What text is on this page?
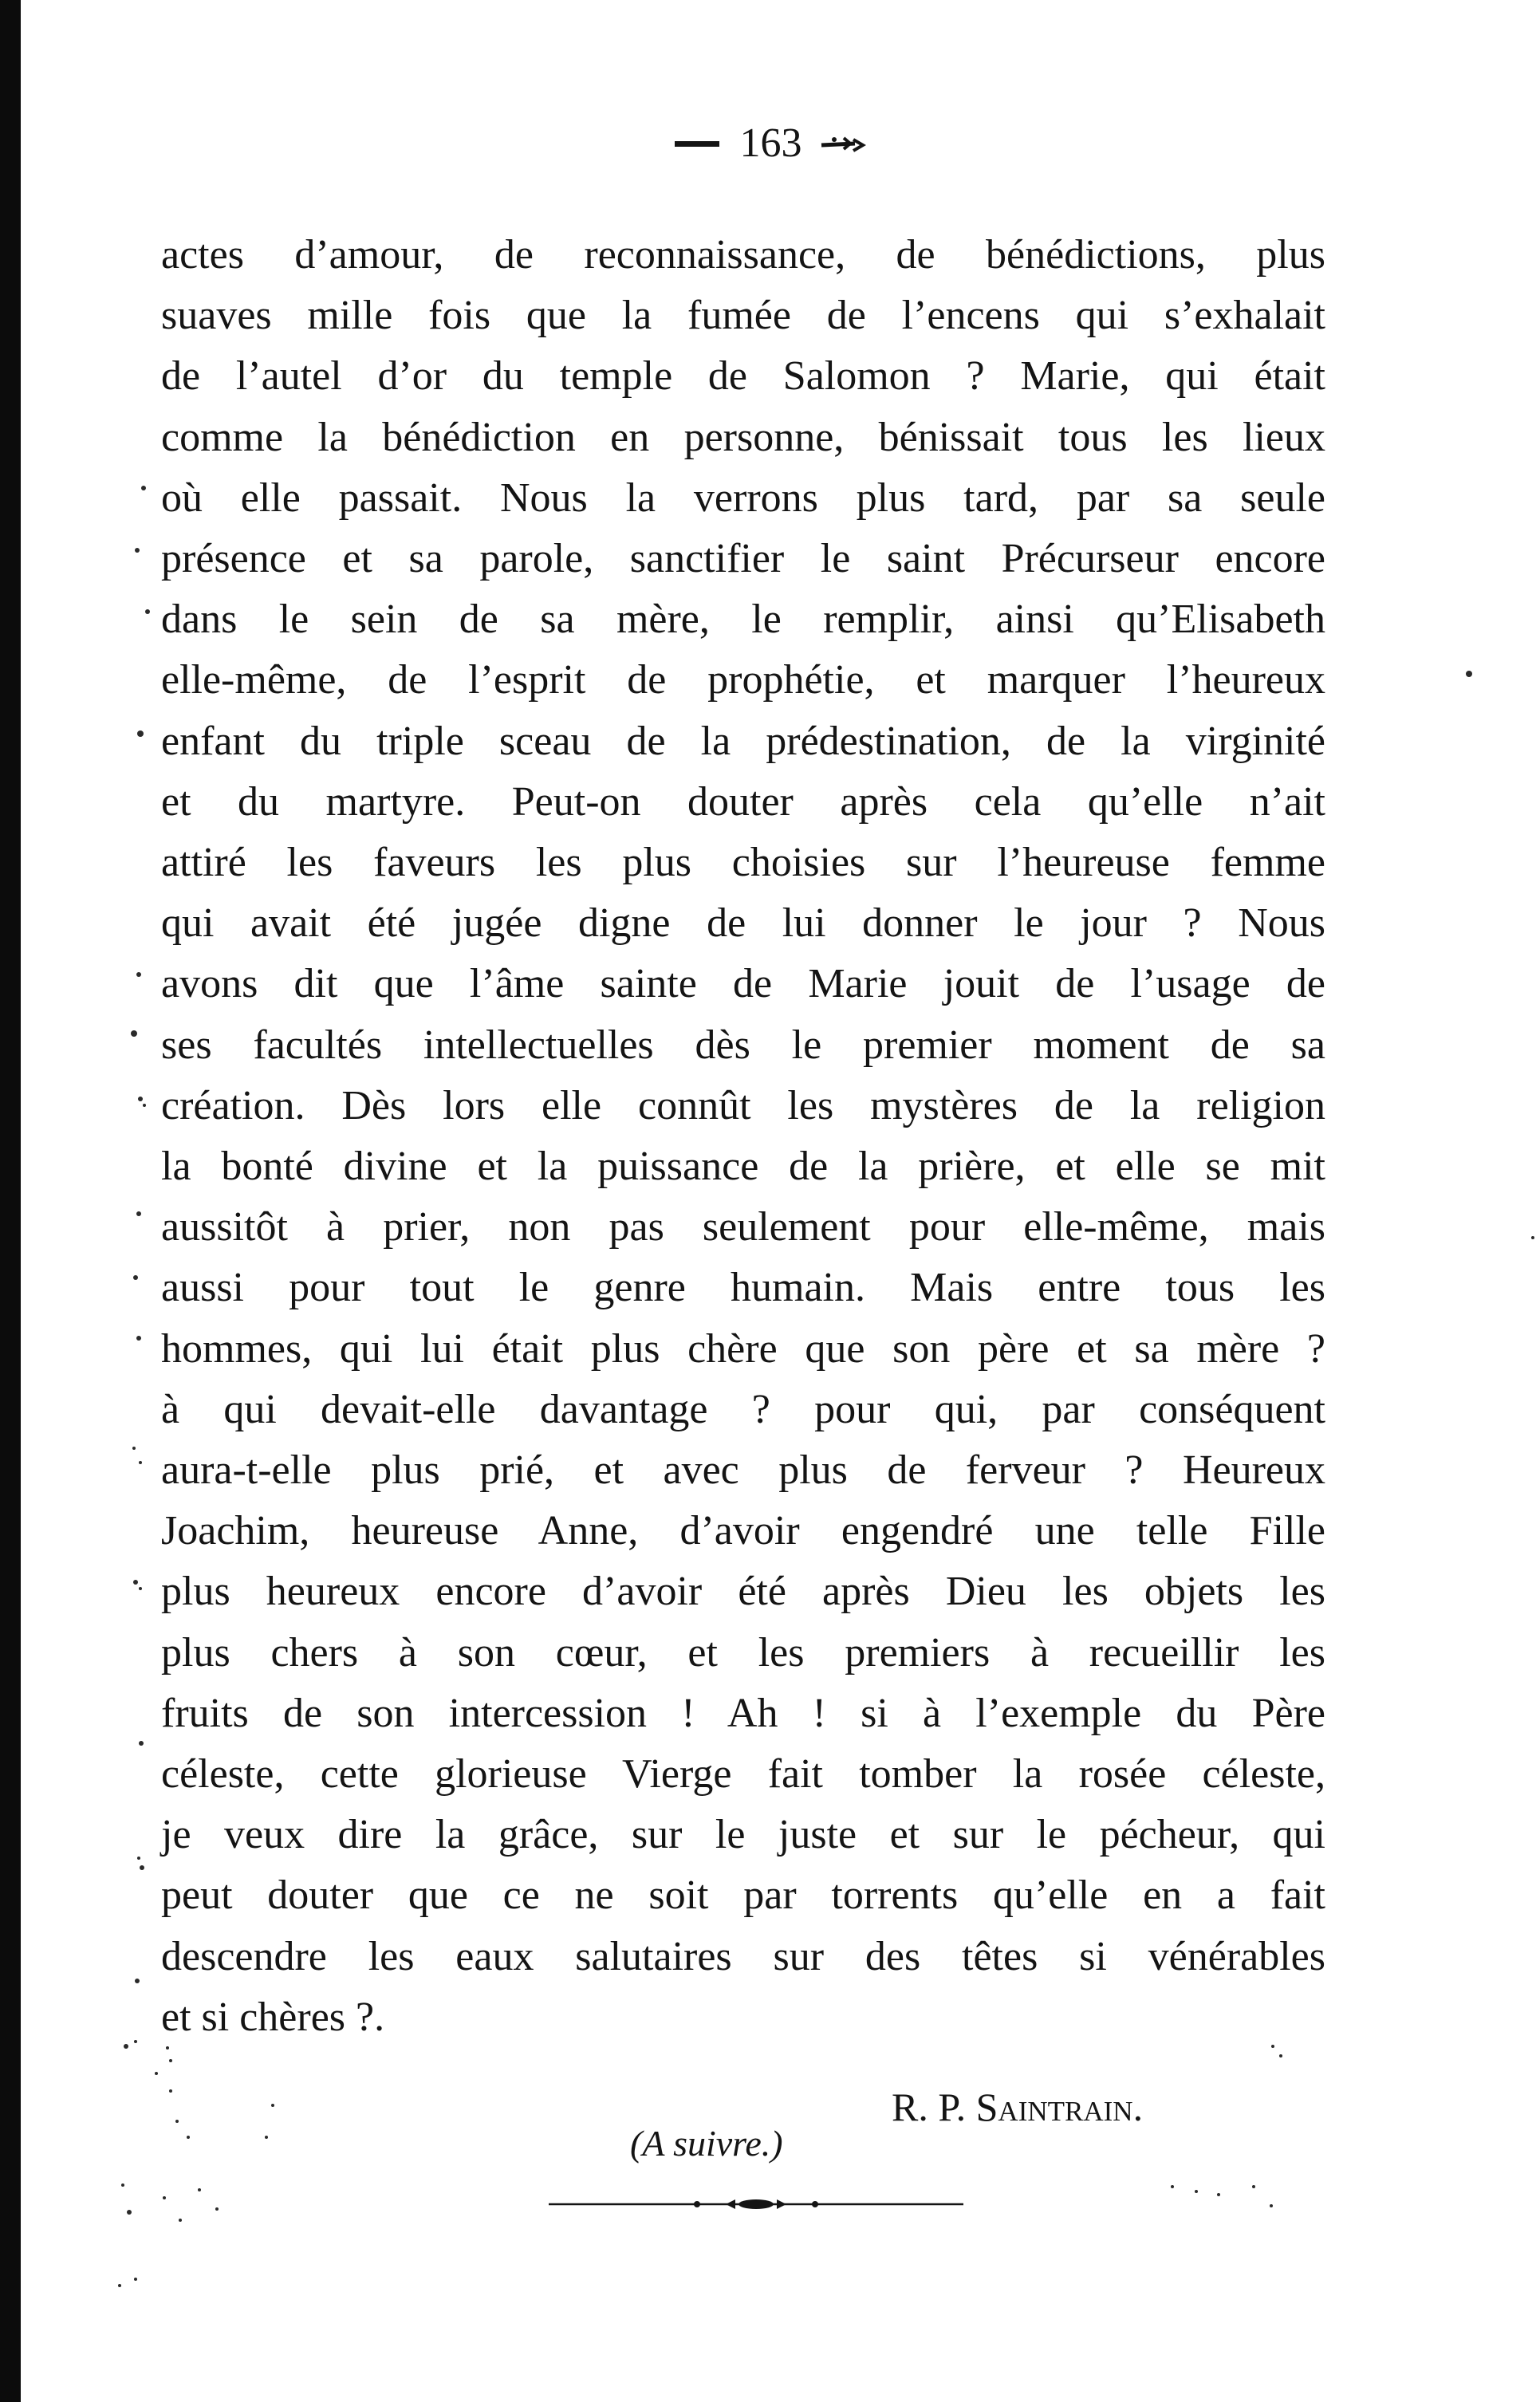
163
actes d’amour, de reconnaissance, de bénédictions, plus
suaves mille fois que la fumée de l’encens qui s’exhalait
de l’autel d’or du temple de Salomon ? Marie, qui était
comme la bénédiction en personne, bénissait tous les lieux
où elle passait. Nous la verrons plus tard, par sa seule
présence et sa parole, sanctifier le saint Précurseur encore
dans le sein de sa mère, le remplir, ainsi qu’Elisabeth
elle-même, de l’esprit de prophétie, et marquer l’heureux
enfant du triple sceau de la prédestination, de la virginité
et du martyre. Peut-on douter après cela qu’elle n’ait
attiré les faveurs les plus choisies sur l’heureuse femme
qui avait été jugée digne de lui donner le jour ? Nous
avons dit que l’âme sainte de Marie jouit de l’usage de
ses facultés intellectuelles dès le premier moment de sa
création. Dès lors elle connût les mystères de la religion
la bonté divine et la puissance de la prière, et elle se mit
aussitôt à prier, non pas seulement pour elle-même, mais
aussi pour tout le genre humain. Mais entre tous les
hommes, qui lui était plus chère que son père et sa mère ?
à qui devait-elle davantage ? pour qui, par conséquent
aura-t-elle plus prié, et avec plus de ferveur ? Heureux
Joachim, heureuse Anne, d’avoir engendré une telle Fille
plus heureux encore d’avoir été après Dieu les objets les
plus chers à son cœur, et les premiers à recueillir les
fruits de son intercession ! Ah ! si à l’exemple du Père
céleste, cette glorieuse Vierge fait tomber la rosée céleste,
je veux dire la grâce, sur le juste et sur le pécheur, qui
peut douter que ce ne soit par torrents qu’elle en a fait
descendre les eaux salutaires sur des têtes si vénérables
et si chères ?.
R. P. Saintrain.
(A suivre.)
